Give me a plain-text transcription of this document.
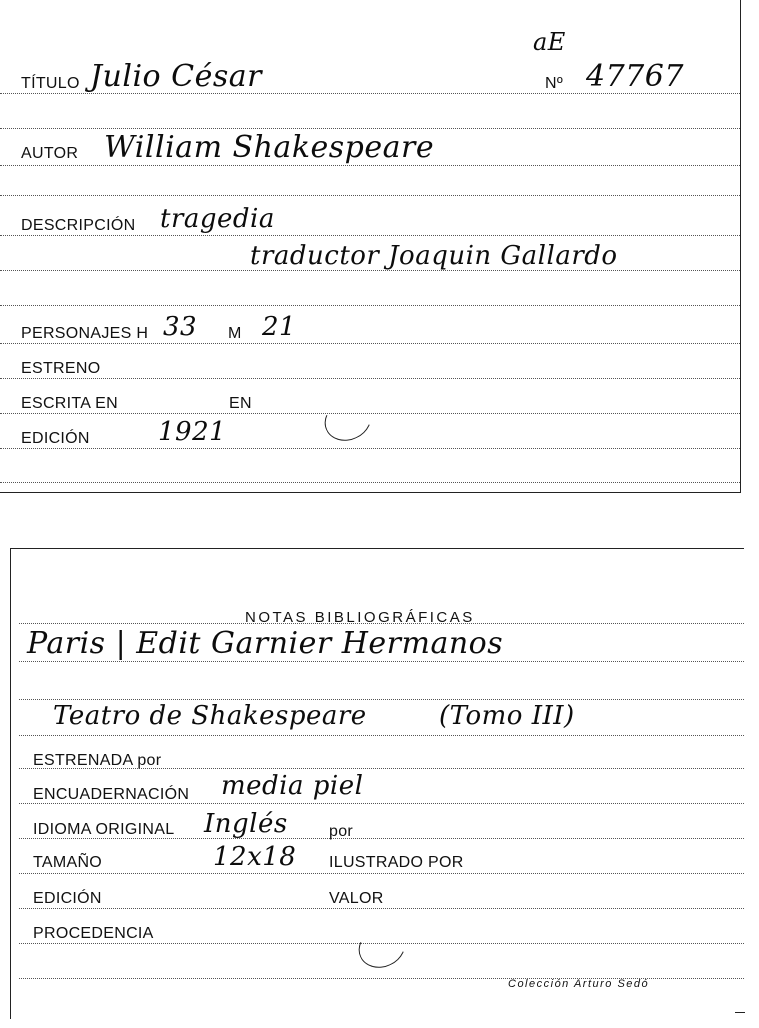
aE
TÍTULO Julio César	Nº 47767
AUTOR William Shakespeare
DESCRIPCIÓN tragedia
traductor Joaquin Gallardo
PERSONAJES H 33 M 21
ESTRENO
ESCRITA EN	EN
EDICIÓN	1921
NOTAS BIBLIOGRÁFICAS
Paris | Edit Garnier Hermanos
Teatro de Shakespeare	(Tomo III)
ESTRENADA por
ENCUADERNACIÓN media piel
IDIOMA ORIGINAL Inglés	por
TAMAÑO	12x18 ILUSTRADO POR
EDICIÓN	VALOR
PROCEDENCIA
Colección Arturo Sedó
